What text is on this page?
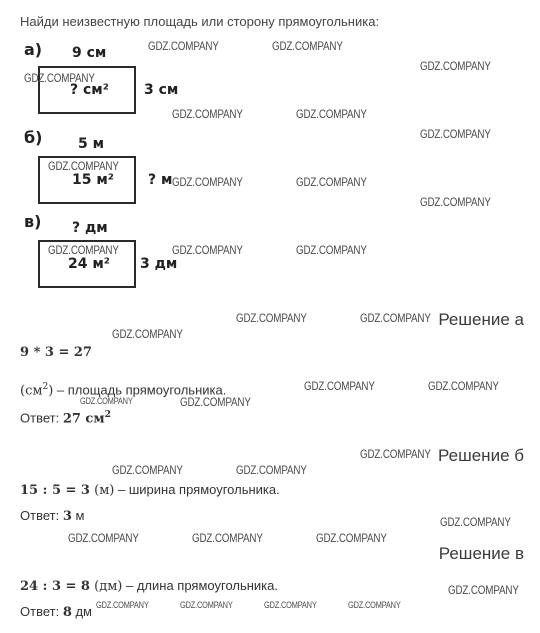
Найди неизвестную площадь или сторону прямоугольника:
а) 9 см
? см²	3 см
б)	5 м
15 м² ? м
в) ? дм
24 м² 3 дм
Решение а
9 * 3 = 27
$(см^2)$ – площадь прямоугольника.
Ответ: 27 $см^2$
Решение б
15 : 5 = 3 (м) – ширина прямоугольника.
Ответ: 3 м
Решение в
24 : 3 = 8 (дм) – длина прямоугольника.
Ответ: 8 дм
GDZ.COMPANY	GDZ.COMPANY
GDZ.COMPANY
GDZ.COMPANY
GDZ.COMPANY	GDZ.COMPANY
GDZ.COMPANY
GDZ.COMPANY
GDZ.COMPANY	GDZ.COMPANY
GDZ.COMPANY
GDZ.COMPANY	GDZ.COMPANY	GDZ.COMPANY
GDZ.COMPANY	GDZ.COMPANY
GDZ.COMPANY
GDZ.COMPANY	GDZ.COMPANY
GDZ.COMPANY	GDZ.COMPANY
GDZ.COMPANY
GDZ.COMPANY	GDZ.COMPANY
GDZ.COMPANY
GDZ.COMPANY	GDZ.COMPANY	GDZ.COMPANY
GDZ.COMPANY
GDZ.COMPANY	GDZ.COMPANY	GDZ.COMPANY	GDZ.COMPANY
